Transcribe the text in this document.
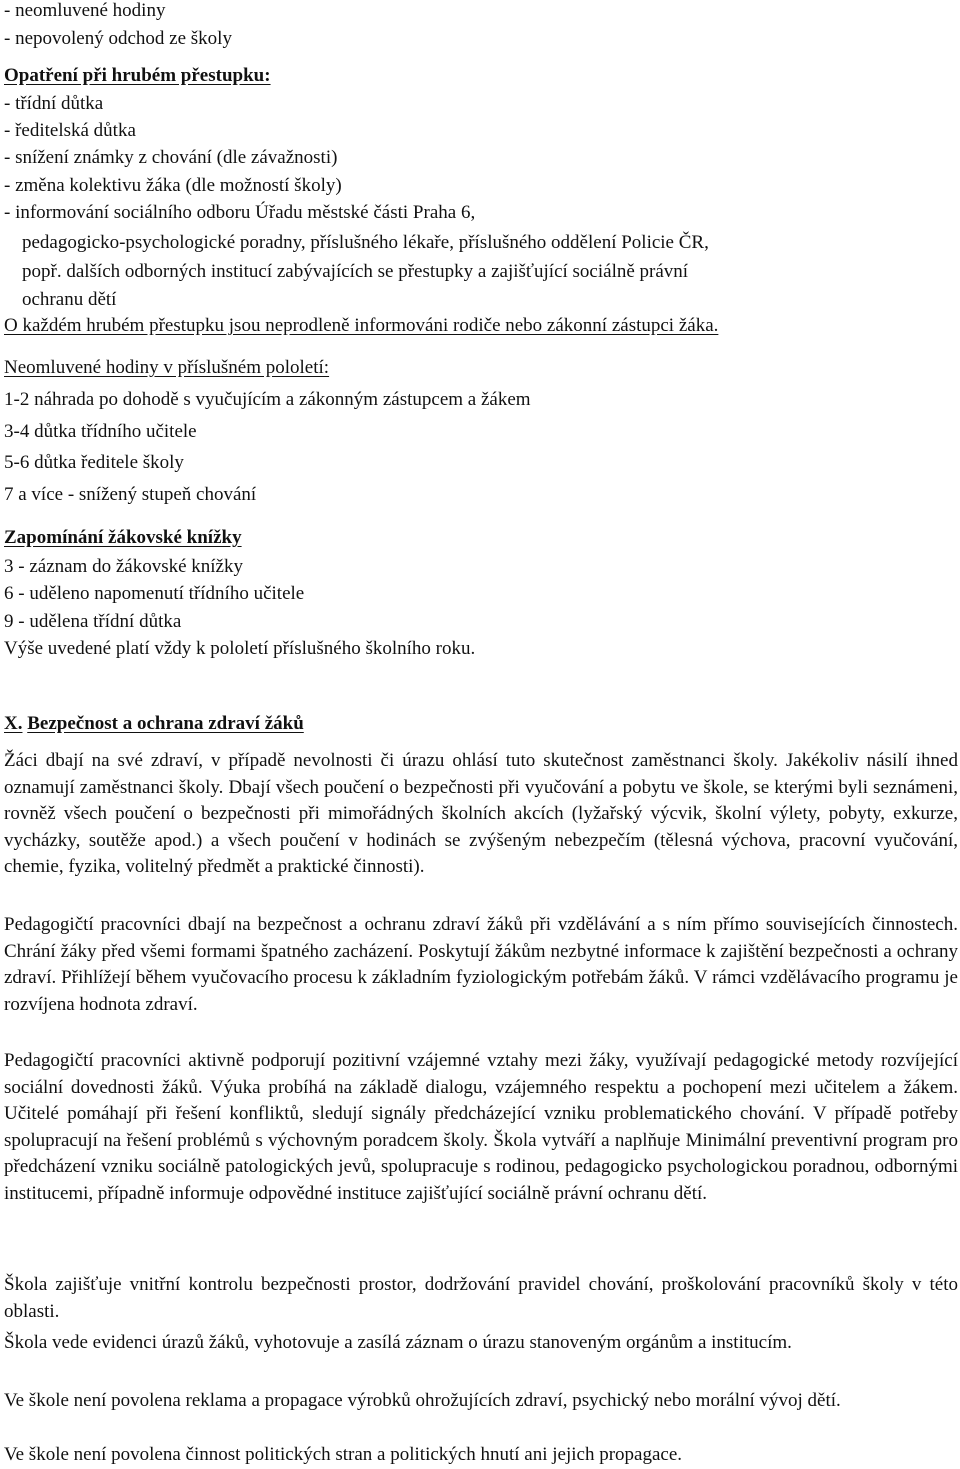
- neomluvené hodiny
- nepovolený odchod ze školy
Opatření při hrubém přestupku:
- třídní důtka
- ředitelská důtka
- snížení známky z chování (dle závažnosti)
- změna kolektivu žáka (dle možností školy)
- informování sociálního odboru Úřadu městské části Praha 6,
pedagogicko-psychologické poradny, příslušného lékaře, příslušného oddělení Policie ČR,
popř. dalších odborných institucí zabývajících se přestupky a zajišťující sociálně právní
ochranu dětí
O každém hrubém přestupku jsou neprodleně informováni rodiče nebo zákonní zástupci žáka.
Neomluvené hodiny v příslušném pololetí:
1-2 náhrada po dohodě s vyučujícím a zákonným zástupcem a žákem
3-4 důtka třídního učitele
5-6 důtka ředitele školy
7 a více - snížený stupeň chování
Zapomínání žákovské knížky
3 - záznam do žákovské knížky
6 - uděleno napomenutí třídního učitele
9 - udělena třídní důtka
Výše uvedené platí vždy k pololetí příslušného školního roku.
X. Bezpečnost a ochrana zdraví žáků
Žáci dbají na své zdraví, v případě nevolnosti či úrazu ohlásí tuto skutečnost zaměstnanci školy. Jakékoliv násilí ihned oznamují zaměstnanci školy. Dbají všech poučení o bezpečnosti při vyučování a pobytu ve škole, se kterými byli seznámeni, rovněž všech poučení o bezpečnosti při mimořádných školních akcích (lyžařský výcvik, školní výlety, pobyty, exkurze, vycházky, soutěže apod.) a všech poučení v hodinách se zvýšeným nebezpečím (tělesná výchova, pracovní vyučování, chemie, fyzika, volitelný předmět a praktické činnosti).
Pedagogičtí pracovníci dbají na bezpečnost a ochranu zdraví žáků při vzdělávání a s ním přímo souvisejících činnostech. Chrání žáky před všemi formami špatného zacházení. Poskytují žákům nezbytné informace k zajištění bezpečnosti a ochrany zdraví. Přihlížejí během vyučovacího procesu k základním fyziologickým potřebám žáků. V rámci vzdělávacího programu je rozvíjena hodnota zdraví.
Pedagogičtí pracovníci aktivně podporují pozitivní vzájemné vztahy mezi žáky, využívají pedagogické metody rozvíjející sociální dovednosti žáků. Výuka probíhá na základě dialogu, vzájemného respektu a pochopení mezi učitelem a žákem. Učitelé pomáhají při řešení konfliktů, sledují signály předcházející vzniku problematického chování. V případě potřeby spolupracují na řešení problémů s výchovným poradcem školy. Škola vytváří a naplňuje Minimální preventivní program pro předcházení vzniku sociálně patologických jevů, spolupracuje s rodinou, pedagogicko psychologickou poradnou, odbornými institucemi, případně informuje odpovědné instituce zajišťující sociálně právní ochranu dětí.
Škola zajišťuje vnitřní kontrolu bezpečnosti prostor, dodržování pravidel chování, proškolování pracovníků školy v této oblasti.
Škola vede evidenci úrazů žáků, vyhotovuje a zasílá záznam o úrazu stanoveným orgánům a institucím.
Ve škole není povolena reklama a propagace výrobků ohrožujících zdraví, psychický nebo morální vývoj dětí.
Ve škole není povolena činnost politických stran a politických hnutí ani jejich propagace.
